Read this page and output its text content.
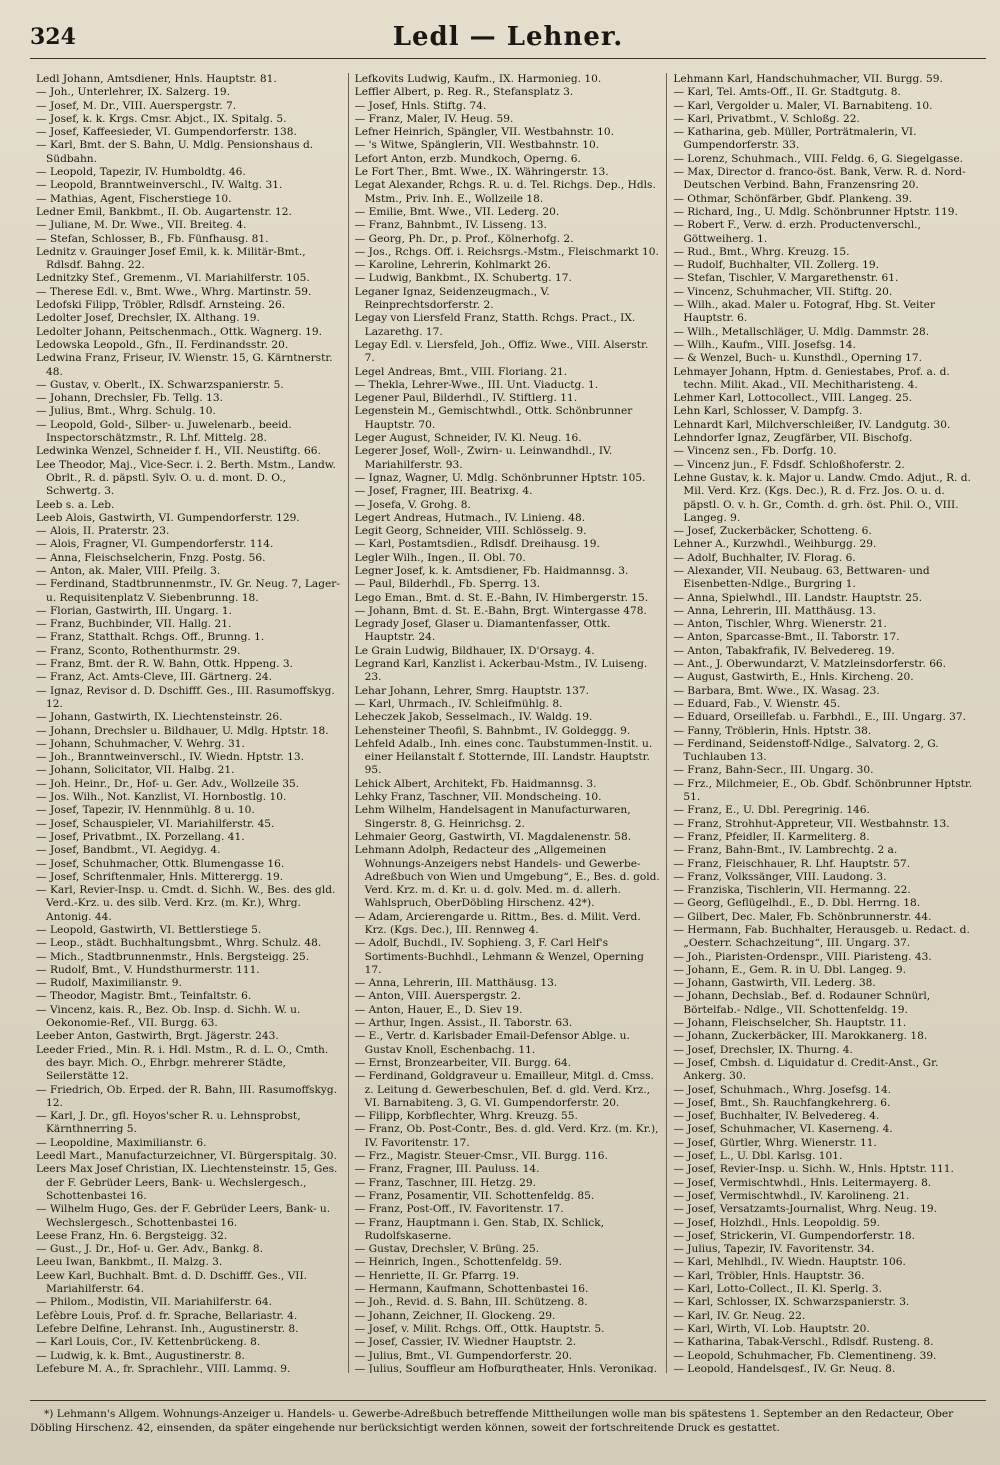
324	Ledl — Lehner.
Ledl Johann, Amtsdiener, Hnls. Hauptstr. 81.
— Joh., Unterlehrer, IX. Salzerg. 19.
— Josef, M. Dr., VIII. Auerspergstr. 7.
— Josef, k. k. Krgs. Cmsr. Abjct., IX. Spitalg. 5.
— Josef, Kaffeesieder, VI. Gumpendorferstr. 138.
— Karl, Bmt. der S. Bahn, U. Mdlg. Pensionshaus d. Südbahn.
— Leopold, Tapezir, IV. Humboldtg. 46.
— Leopold, Branntweinverschl., IV. Waltg. 31.
— Mathias, Agent, Fischerstiege 10.
Ledner Emil, Bankbmt., II. Ob. Augartenstr. 12.
— Juliane, M. Dr. Wwe., VII. Breiteg. 4.
— Stefan, Schlosser, B., Fb. Fünfhausg. 81.
Lednitz v. Grauinger Josef Emil, k. k. Militär-Bmt., Rdlsdf. Bahng. 22.
Lednitzky Stef., Gremenm., VI. Mariahilferstr. 105.
— Therese Edl. v., Bmt. Wwe., Whrg. Martinstr. 59.
Ledofski Filipp, Tröbler, Rdlsdf. Arnsteing. 26.
Ledolter Josef, Drechsler, IX. Althang. 19.
Ledolter Johann, Peitschenmach., Ottk. Wagnerg. 19.
Ledowska Leopold., Gfn., II. Ferdinandsstr. 20.
Ledwina Franz, Friseur, IV. Wienstr. 15, G. Kärntnerstr. 48.
— Gustav, v. Oberlt., IX. Schwarzspanierstr. 5.
— Johann, Drechsler, Fb. Tellg. 13.
— Julius, Bmt., Whrg. Schulg. 10.
— Leopold, Gold-, Silber- u. Juwelenarb., beeid. Inspectorschätzmstr., R. Lhf. Mittelg. 28.
Ledwinka Wenzel, Schneider f. H., VII. Neustiftg. 66.
Lee Theodor, Maj., Vice-Secr. i. 2. Berth. Mstm., Landw. Obrlt., R. d. päpstl. Sylv. O. u. d. mont. D. O., Schwertg. 3.
Leeb s. a. Leb.
Leeb Alois, Gastwirth, VI. Gumpendorferstr. 129.
— Alois, II. Praterstr. 23.
— Alois, Fragner, VI. Gumpendorferstr. 114.
— Anna, Fleischselcherin, Fnzg. Postg. 56.
— Anton, ak. Maler, VIII. Pfeilg. 3.
— Ferdinand, Stadtbrunnenmstr., IV. Gr. Neug. 7, Lager- u. Requisitenplatz V. Siebenbrunng. 18.
— Florian, Gastwirth, III. Ungarg. 1.
— Franz, Buchbinder, VII. Hallg. 21.
— Franz, Statthalt. Rchgs. Off., Brunng. 1.
— Franz, Sconto, Rothenthurmstr. 29.
— Franz, Bmt. der R. W. Bahn, Ottk. Hppeng. 3.
— Franz, Act. Amts-Cleve, III. Gärtnerg. 24.
— Ignaz, Revisor d. D. Dschifff. Ges., III. Rasumoffskyg. 12.
— Johann, Gastwirth, IX. Liechtensteinstr. 26.
— Johann, Drechsler u. Bildhauer, U. Mdlg. Hptstr. 18.
— Johann, Schuhmacher, V. Wehrg. 31.
— Joh., Branntweinverschl., IV. Wiedn. Hptstr. 13.
— Johann, Solicitator, VII. Halbg. 21.
— Joh. Heinr., Dr., Hof- u. Ger. Adv., Wollzeile 35.
— Jos. Wilh., Not. Kanzlist, VI. Hornbostlg. 10.
— Josef, Tapezir, IV. Hennmühlg. 8 u. 10.
— Josef, Schauspieler, VI. Mariahilferstr. 45.
— Josef, Privatbmt., IX. Porzellang. 41.
— Josef, Bandbmt., VI. Aegidyg. 4.
— Josef, Schuhmacher, Ottk. Blumengasse 16.
— Josef, Schriftenmaler, Hnls. Mitterergg. 19.
— Karl, Revier-Insp. u. Cmdt. d. Sichh. W., Bes. des gld. Verd.-Krz. u. des silb. Verd. Krz. (m. Kr.), Whrg. Antonig. 44.
— Leopold, Gastwirth, VI. Bettlerstiege 5.
— Leop., städt. Buchhaltungsbmt., Whrg. Schulz. 48.
— Mich., Stadtbrunnenmstr., Hnls. Bergsteigg. 25.
— Rudolf, Bmt., V. Hundsthurmerstr. 111.
— Rudolf, Maximilianstr. 9.
— Theodor, Magistr. Bmt., Teinfaltstr. 6.
— Vincenz, kais. R., Bez. Ob. Insp. d. Sichh. W. u. Oekonomie-Ref., VII. Burgg. 63.
Leeber Anton, Gastwirth, Brgt. Jägerstr. 243.
Leeder Fried., Min. R. i. Hdl. Mstm., R. d. L. O., Cmth. des bayr. Mich. O., Ehrbgr. mehrerer Städte, Seilerstätte 12.
— Friedrich, Ob. Erped. der R. Bahn, III. Rasumoffskyg. 12.
— Karl, J. Dr., gfl. Hoyos'scher R. u. Lehnsprobst, Kärnthnerring 5.
— Leopoldine, Maximilianstr. 6.
Leedl Mart., Manufacturzeichner, VI. Bürgerspitalg. 30.
Leers Max Josef Christian, IX. Liechtensteinstr. 15, Ges. der F. Gebrüder Leers, Bank- u. Wechslergesch., Schottenbastei 16.
— Wilhelm Hugo, Ges. der F. Gebrüder Leers, Bank- u. Wechslergesch., Schottenbastei 16.
Leese Franz, Hn. 6. Bergsteigg. 32.
— Gust., J. Dr., Hof- u. Ger. Adv., Bankg. 8.
Leeu Iwan, Bankbmt., II. Malzg. 3.
Leew Karl, Buchhalt. Bmt. d. D. Dschifff. Ges., VII. Mariahilferstr. 64.
— Philom., Modistin, VII. Mariahilferstr. 64.
Lefèbre Louis, Prof. d. fr. Sprache, Bellariastr. 4.
Lefebre Delfine, Lehranst. Inh., Augustinerstr. 8.
— Karl Louis, Cor., IV. Kettenbrückeng. 8.
— Ludwig, k. k. Bmt., Augustinerstr. 8.
Lefebure M. A., fr. Sprachlehr., VIII. Lammg. 9.
Lefkovits Ludwig, Kaufm., IX. Harmonieg. 10.
Leffler Albert, p. Reg. R., Stefansplatz 3.
— Josef, Hnls. Stiftg. 74.
— Franz, Maler, IV. Heug. 59.
Lefner Heinrich, Spängler, VII. Westbahnstr. 10.
— 's Witwe, Spänglerin, VII. Westbahnstr. 10.
Lefort Anton, erzb. Mundkoch, Operng. 6.
Le Fort Ther., Bmt. Wwe., IX. Währingerstr. 13.
Legat Alexander, Rchgs. R. u. d. Tel. Richgs. Dep., Hdls. Mstm., Priv. Inh. E., Wollzeile 18.
— Emilie, Bmt. Wwe., VII. Lederg. 20.
— Franz, Bahnbmt., IV. Lisseng. 13.
— Georg, Ph. Dr., p. Prof., Kölnerhofg. 2.
— Jos., Rchgs. Off. i. Reichsrgs.-Mstm., Fleischmarkt 10.
— Karoline, Lehrerin, Kohlmarkt 26.
— Ludwig, Bankbmt., IX. Schubertg. 17.
Leganer Ignaz, Seidenzeugmach., V. Reinprechtsdorferstr. 2.
Legay von Liersfeld Franz, Statth. Rchgs. Pract., IX. Lazarethg. 17.
Legay Edl. v. Liersfeld, Joh., Offiz. Wwe., VIII. Alserstr. 7.
Legel Andreas, Bmt., VIII. Floriang. 21.
— Thekla, Lehrer-Wwe., III. Unt. Viaductg. 1.
Legener Paul, Bilderhdl., IV. Stiftlerg. 11.
Legenstein M., Gemischtwhdl., Ottk. Schönbrunner Hauptstr. 70.
Leger August, Schneider, IV. Kl. Neug. 16.
Legerer Josef, Woll-, Zwirn- u. Leinwandhdl., IV. Mariahilferstr. 93.
— Ignaz, Wagner, U. Mdlg. Schönbrunner Hptstr. 105.
— Josef, Fragner, III. Beatrixg. 4.
— Josefa, V. Grohg. 8.
Legert Andreas, Hutmach., IV. Linieng. 48.
Legit Georg, Schneider, VIII. Schlösselg. 9.
— Karl, Postamtsdien., Rdlsdf. Dreihausg. 19.
Legler Wilh., Ingen., II. Obl. 70.
Legner Josef, k. k. Amtsdiener, Fb. Haidmannsg. 3.
— Paul, Bilderhdl., Fb. Sperrg. 13.
Lego Eman., Bmt. d. St. E.-Bahn, IV. Himbergerstr. 15.
— Johann, Bmt. d. St. E.-Bahn, Brgt. Wintergasse 478.
Legrady Josef, Glaser u. Diamantenfasser, Ottk. Hauptstr. 24.
Le Grain Ludwig, Bildhauer, IX. D'Orsayg. 4.
Legrand Karl, Kanzlist i. Ackerbau-Mstm., IV. Luiseng. 23.
Lehar Johann, Lehrer, Smrg. Hauptstr. 137.
— Karl, Uhrmach., IV. Schleifmühlg. 8.
Leheczek Jakob, Sesselmach., IV. Waldg. 19.
Lehensteiner Theofil, S. Bahnbmt., IV. Goldeggg. 9.
Lehfeld Adalb., Inh. eines conc. Taubstummen-Instit. u. einer Heilanstalt f. Stotternde, III. Landstr. Hauptstr. 95.
Lehick Albert, Architekt, Fb. Haidmannsg. 3.
Lehky Franz, Taschner, VII. Mondscheing. 10.
Lehm Wilhelm, Handelsagent in Manufacturwaren, Singerstr. 8, G. Heinrichsg. 2.
Lehmaier Georg, Gastwirth, VI. Magdalenenstr. 58.
Lehmann Adolph, Redacteur des „Allgemeinen Wohnungs-Anzeigers nebst Handels- und Gewerbe-Adreßbuch von Wien und Umgebung“, E., Bes. d. gold. Verd. Krz. m. d. Kr. u. d. golv. Med. m. d. allerh. Wahlspruch, OberDöbling Hirschenz. 42*).
— Adam, Arcierengarde u. Rittm., Bes. d. Milit. Verd. Krz. (Kgs. Dec.), III. Rennweg 4.
— Adolf, Buchdl., IV. Sophieng. 3, F. Carl Helf's Sortiments-Buchhdl., Lehmann & Wenzel, Operning 17.
— Anna, Lehrerin, III. Matthäusg. 13.
— Anton, VIII. Auerspergstr. 2.
— Anton, Hauer, E., D. Siev 19.
— Arthur, Ingen. Assist., II. Taborstr. 63.
— E., Vertr. d. Karlsbader Email-Defensor Ablge. u. Gustav Knoll, Eschenbachg. 11.
— Ernst, Bronzearbeiter, VII. Burgg. 64.
— Ferdinand, Goldgraveur u. Emailleur, Mitgl. d. Cmss. z. Leitung d. Gewerbeschulen, Bef. d. gld. Verd. Krz., VI. Barnabiteng. 3, G. VI. Gumpendorferstr. 20.
— Filipp, Korbflechter, Whrg. Kreuzg. 55.
— Franz, Ob. Post-Contr., Bes. d. gld. Verd. Krz. (m. Kr.), IV. Favoritenstr. 17.
— Frz., Magistr. Steuer-Cmsr., VII. Burgg. 116.
— Franz, Fragner, III. Pauluss. 14.
— Franz, Taschner, III. Hetzg. 29.
— Franz, Posamentir, VII. Schottenfeldg. 85.
— Franz, Post-Off., IV. Favoritenstr. 17.
— Franz, Hauptmann i. Gen. Stab, IX. Schlick, Rudolfskaserne.
— Gustav, Drechsler, V. Brüng. 25.
— Heinrich, Ingen., Schottenfeldg. 59.
— Henriette, II. Gr. Pfarrg. 19.
— Hermann, Kaufmann, Schottenbastei 16.
— Joh., Revid. d. S. Bahn, III. Schützeng. 8.
— Johann, Zeichner, II. Glockeng. 29.
— Josef, v. Milit. Rchgs. Off., Ottk. Hauptstr. 5.
— Josef, Cassier, IV. Wiedner Hauptstr. 2.
— Julius, Bmt., VI. Gumpendorferstr. 20.
— Julius, Souffleur am Hofburgtheater, Hnls. Veronikag.
Lehmann Karl, Handschuhmacher, VII. Burgg. 59.
— Karl, Tel. Amts-Off., II. Gr. Stadtgutg. 8.
— Karl, Vergolder u. Maler, VI. Barnabiteng. 10.
— Karl, Privatbmt., V. Schloßg. 22.
— Katharina, geb. Müller, Porträtmalerin, VI. Gumpendorferstr. 33.
— Lorenz, Schuhmach., VIII. Feldg. 6, G. Siegelgasse.
— Max, Director d. franco-öst. Bank, Verw. R. d. Nord-Deutschen Verbind. Bahn, Franzensring 20.
— Othmar, Schönfärber, Gbdf. Plankeng. 39.
— Richard, Ing., U. Mdlg. Schönbrunner Hptstr. 119.
— Robert F., Verw. d. erzh. Productenverschl., Göttweiherg. 1.
— Rud., Bmt., Whrg. Kreuzg. 15.
— Rudolf, Buchhalter, VII. Zollerg. 19.
— Stefan, Tischler, V. Margarethenstr. 61.
— Vincenz, Schuhmacher, VII. Stiftg. 20.
— Wilh., akad. Maler u. Fotograf, Hbg. St. Veiter Hauptstr. 6.
— Wilh., Metallschläger, U. Mdlg. Dammstr. 28.
— Wilh., Kaufm., VIII. Josefsg. 14.
— & Wenzel, Buch- u. Kunsthdl., Operning 17.
Lehmayer Johann, Hptm. d. Geniestabes, Prof. a. d. techn. Milit. Akad., VII. Mechitharisteng. 4.
Lehmer Karl, Lottocollect., VIII. Langeg. 25.
Lehn Karl, Schlosser, V. Dampfg. 3.
Lehnardt Karl, Milchverschleißer, IV. Landgutg. 30.
Lehndorfer Ignaz, Zeugfärber, VII. Bischofg.
— Vincenz sen., Fb. Dorfg. 10.
— Vincenz jun., F. Fdsdf. Schloßhoferstr. 2.
Lehne Gustav, k. k. Major u. Landw. Cmdo. Adjut., R. d. Mil. Verd. Krz. (Kgs. Dec.), R. d. Frz. Jos. O. u. d. päpstl. O. v. h. Gr., Comth. d. grh. öst. Phil. O., VIII. Langeg. 9.
— Josef, Zuckerbäcker, Schotteng. 6.
Lehner A., Kurzwhdl., Weihburgg. 29.
— Adolf, Buchhalter, IV. Florag. 6.
— Alexander, VII. Neubaug. 63, Bettwaren- und Eisenbetten-Ndlge., Burgring 1.
— Anna, Spielwhdl., III. Landstr. Hauptstr. 25.
— Anna, Lehrerin, III. Matthäusg. 13.
— Anton, Tischler, Whrg. Wienerstr. 21.
— Anton, Sparcasse-Bmt., II. Taborstr. 17.
— Anton, Tabakfrafik, IV. Belvedereg. 19.
— Ant., J. Oberwundarzt, V. Matzleinsdorferstr. 66.
— August, Gastwirth, E., Hnls. Kircheng. 20.
— Barbara, Bmt. Wwe., IX. Wasag. 23.
— Eduard, Fab., V. Wienstr. 45.
— Eduard, Orseillefab. u. Farbhdl., E., III. Ungarg. 37.
— Fanny, Tröblerin, Hnls. Hptstr. 38.
— Ferdinand, Seidenstoff-Ndlge., Salvatorg. 2, G. Tuchlauben 13.
— Franz, Bahn-Secr., III. Ungarg. 30.
— Frz., Milchmeier, E., Ob. Gbdf. Schönbrunner Hptstr. 51.
— Franz, E., U. Dbl. Peregrinig. 146.
— Franz, Strohhut-Appreteur, VII. Westbahnstr. 13.
— Franz, Pfeidler, II. Karmeliterg. 8.
— Franz, Bahn-Bmt., IV. Lambrechtg. 2 a.
— Franz, Fleischhauer, R. Lhf. Hauptstr. 57.
— Franz, Volkssänger, VIII. Laudong. 3.
— Franziska, Tischlerin, VII. Hermanng. 22.
— Georg, Geflügelhdl., E., D. Dbl. Herrng. 18.
— Gilbert, Dec. Maler, Fb. Schönbrunnerstr. 44.
— Hermann, Fab. Buchhalter, Herausgeb. u. Redact. d. „Oesterr. Schachzeitung“, III. Ungarg. 37.
— Joh., Piaristen-Ordenspr., VIII. Piaristeng. 43.
— Johann, E., Gem. R. in U. Dbl. Langeg. 9.
— Johann, Gastwirth, VII. Lederg. 38.
— Johann, Dechslab., Bef. d. Rodauner Schnürl, Börtelfab.- Ndlge., VII. Schottenfeldg. 19.
— Johann, Fleischselcher, Sh. Hauptstr. 11.
— Johann, Zuckerbäcker, III. Marokkanerg. 18.
— Josef, Drechsler, IX. Thurng. 4.
— Josef, Cmbsh. d. Liquidatur d. Credit-Anst., Gr. Ankerg. 30.
— Josef, Schuhmach., Whrg. Josefsg. 14.
— Josef, Bmt., Sh. Rauchfangkehrerg. 6.
— Josef, Buchhalter, IV. Belvedereg. 4.
— Josef, Schuhmacher, VI. Kaserneng. 4.
— Josef, Gürtler, Whrg. Wienerstr. 11.
— Josef, L., U. Dbl. Karlsg. 101.
— Josef, Revier-Insp. u. Sichh. W., Hnls. Hptstr. 111.
— Josef, Vermischtwhdl., Hnls. Leitermayerg. 8.
— Josef, Vermischtwhdl., IV. Karolineng. 21.
— Josef, Versatzamts-Journalist, Whrg. Neug. 19.
— Josef, Holzhdl., Hnls. Leopoldig. 59.
— Josef, Strickerin, VI. Gumpendorferstr. 18.
— Julius, Tapezir, IV. Favoritenstr. 34.
— Karl, Mehlhdl., IV. Wiedn. Hauptstr. 106.
— Karl, Tröbler, Hnls. Hauptstr. 36.
— Karl, Lotto-Collect., II. Kl. Sperlg. 3.
— Karl, Schlosser, IX. Schwarzspanierstr. 3.
— Karl, IV. Gr. Neug. 22.
— Karl, Wirth, VI. Lob. Hauptstr. 20.
— Katharina, Tabak-Verschl., Rdlsdf. Rusteng. 8.
— Leopold, Schuhmacher, Fb. Clementineng. 39.
— Leopold, Handelsgesf., IV. Gr. Neug. 8.
*) Lehmann's Allgem. Wohnungs-Anzeiger u. Handels- u. Gewerbe-Adreßbuch betreffende Mittheilungen wolle man bis spätestens 1. September an den Redacteur, Ober Döbling Hirschenz. 42, einsenden, da später eingehende nur berücksichtigt werden können, soweit der fortschreitende Druck es gestattet.
